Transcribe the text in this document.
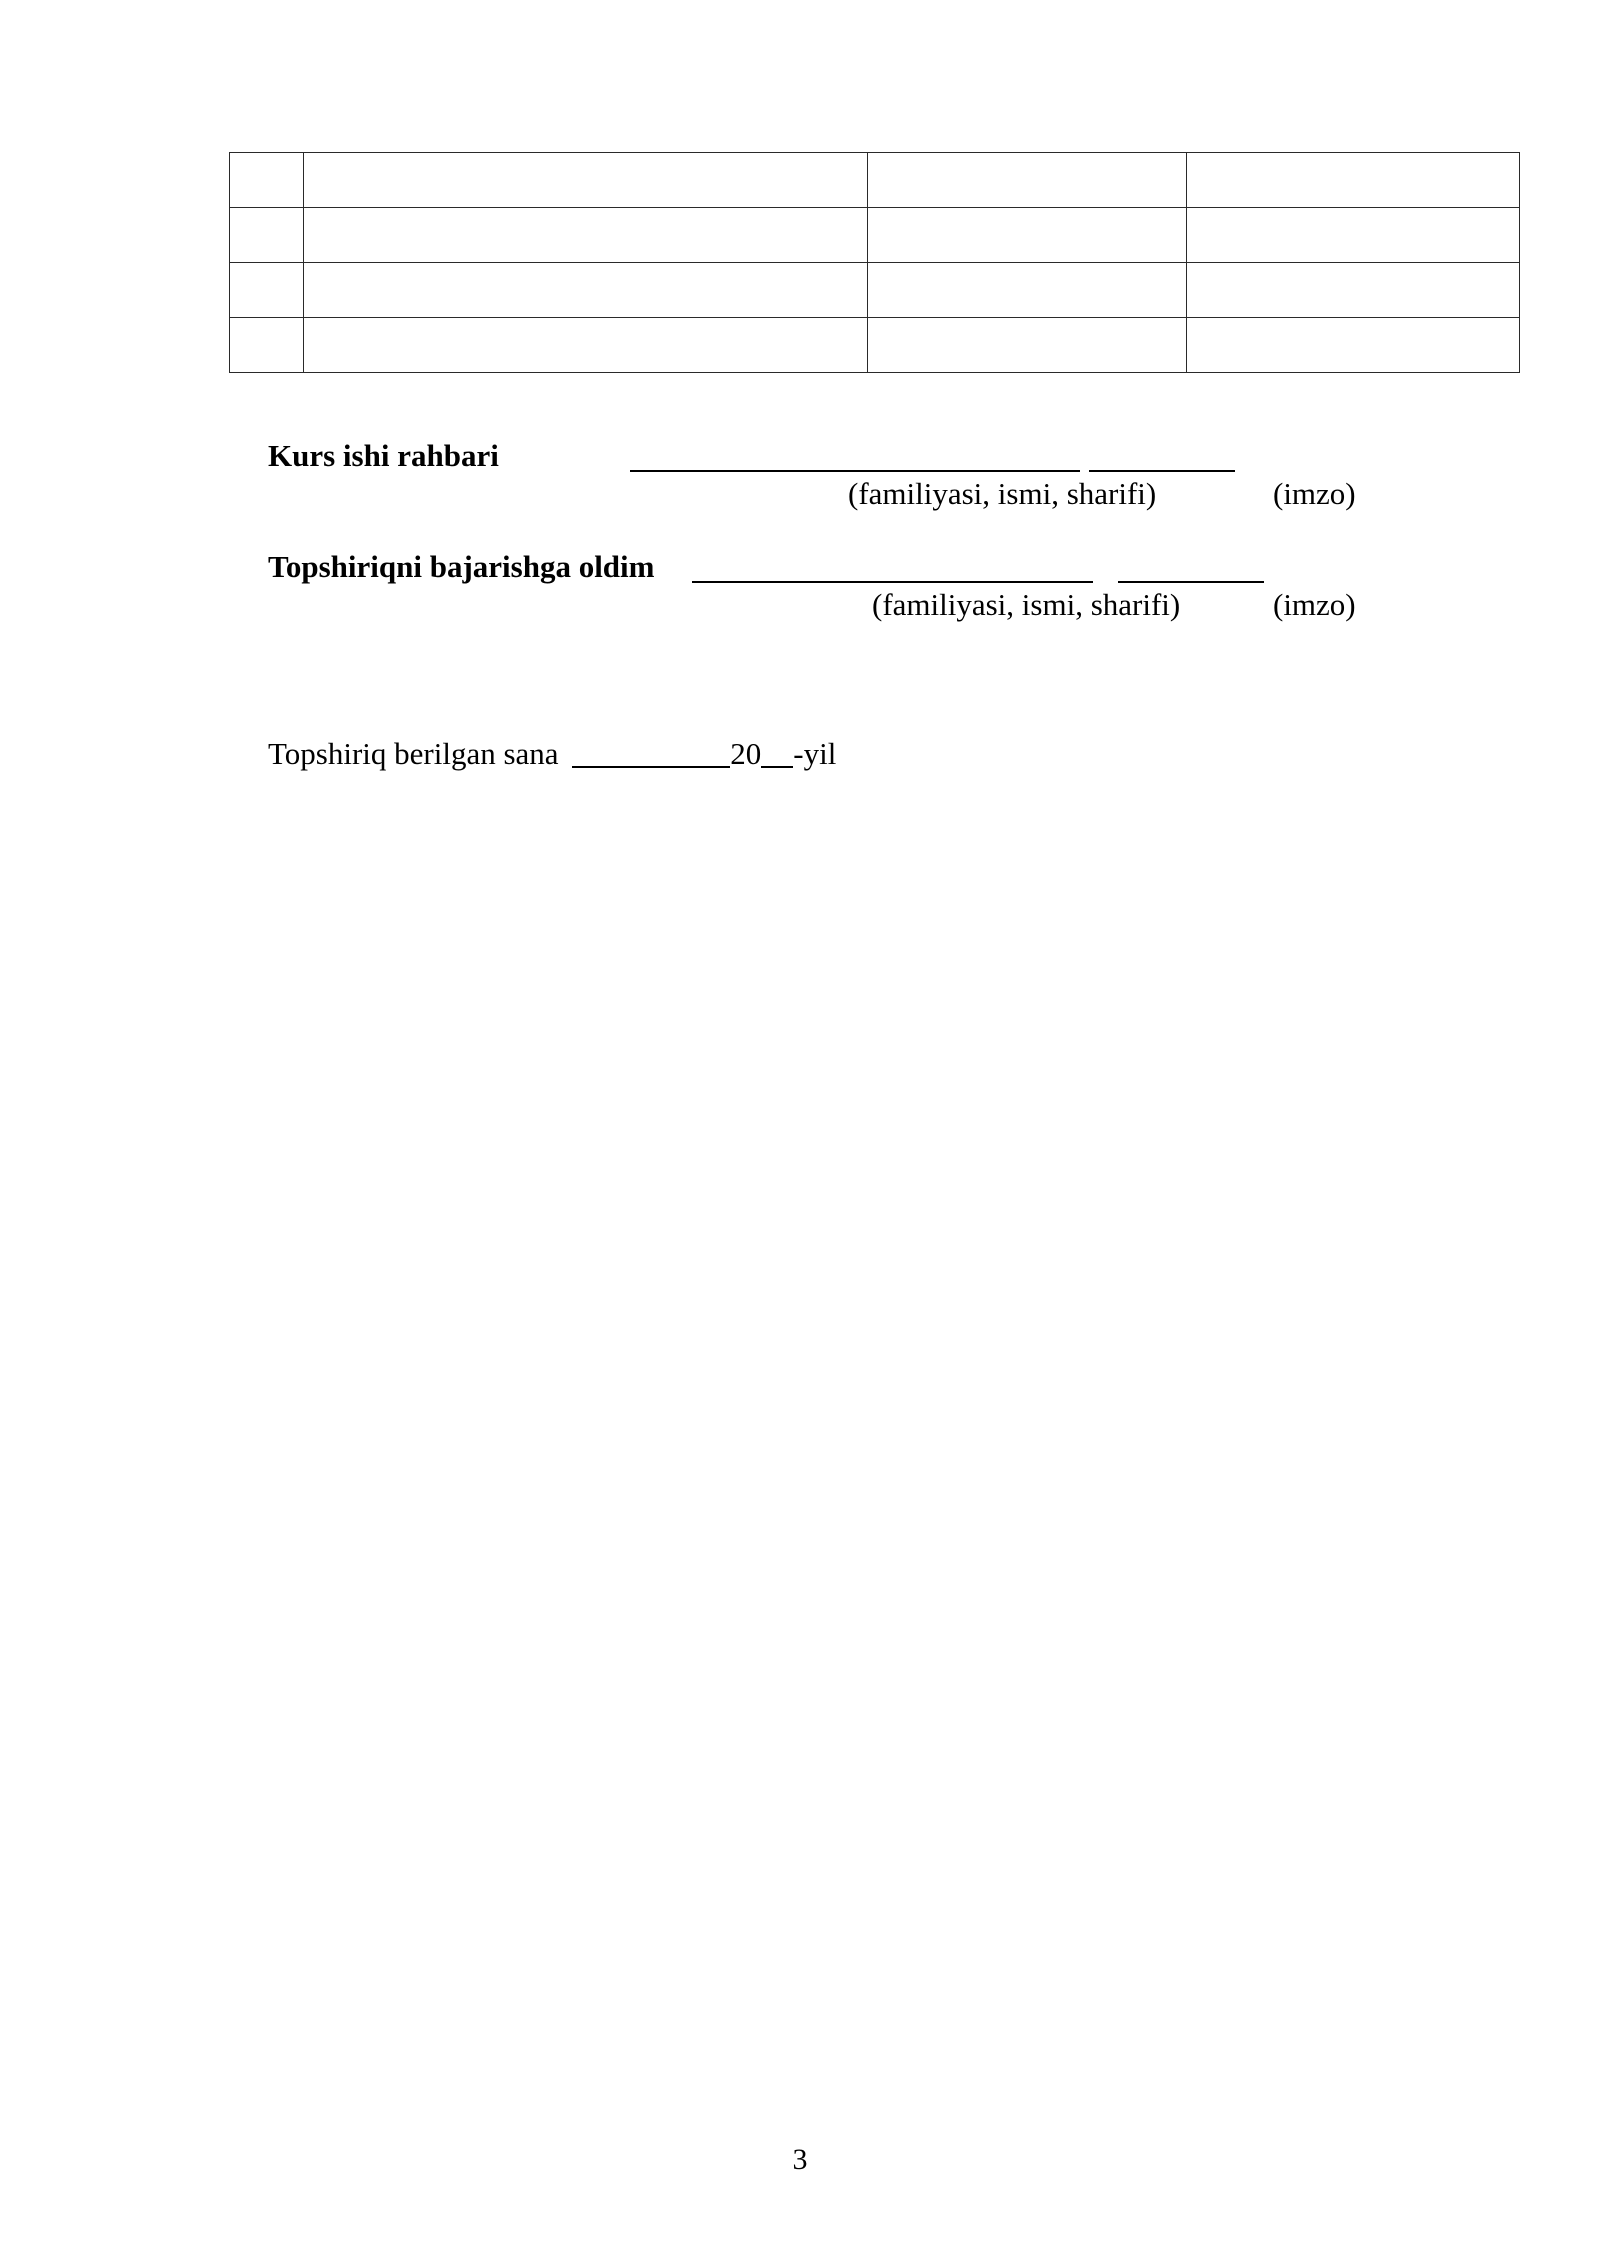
Kurs ishi rahbari
(familiyasi, ismi, sharifi)	(imzo)
Topshiriqni bajarishga oldim
(familiyasi, ismi, sharifi)	(imzo)
Topshiriq berilgan sana	20 -yil
3
